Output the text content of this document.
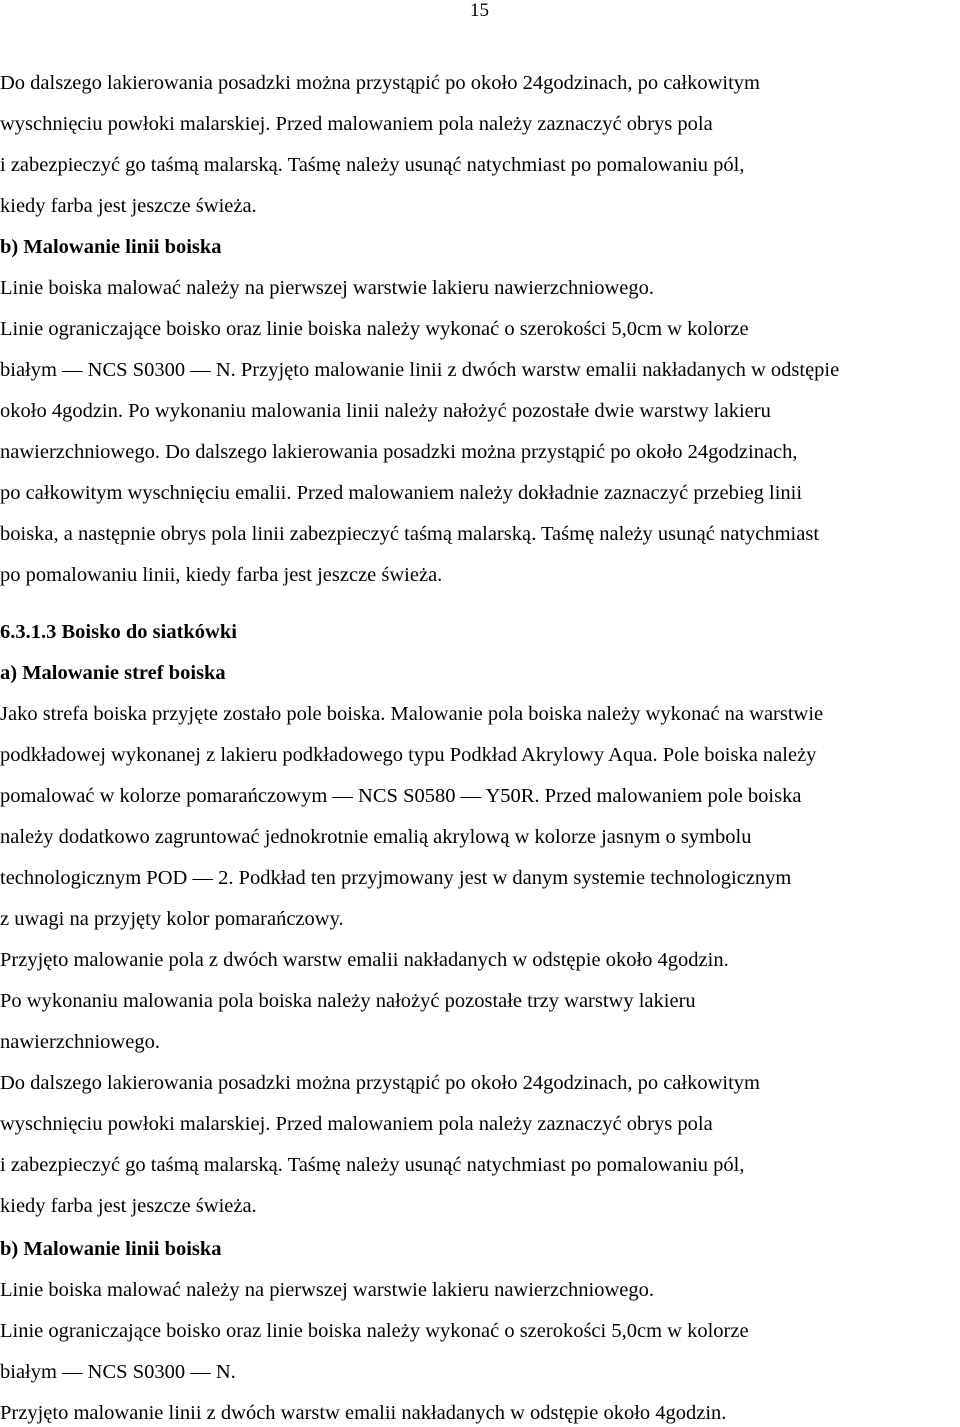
15
Do dalszego lakierowania posadzki można przystąpić po około 24godzinach, po całkowitym
wyschnięciu powłoki malarskiej. Przed malowaniem pola należy zaznaczyć obrys pola
i zabezpieczyć go taśmą malarską. Taśmę należy usunąć natychmiast po pomalowaniu pól,
kiedy farba jest jeszcze świeża.
b) Malowanie linii boiska
Linie boiska malować należy na pierwszej warstwie lakieru nawierzchniowego.
Linie ograniczające boisko oraz linie boiska należy wykonać o szerokości 5,0cm w kolorze
białym — NCS S0300 — N. Przyjęto malowanie linii z dwóch warstw emalii nakładanych w odstępie
około 4godzin. Po wykonaniu malowania linii należy nałożyć pozostałe dwie warstwy lakieru
nawierzchniowego. Do dalszego lakierowania posadzki można przystąpić po około 24godzinach,
po całkowitym wyschnięciu emalii. Przed malowaniem należy dokładnie zaznaczyć przebieg linii
boiska, a następnie obrys pola linii zabezpieczyć taśmą malarską. Taśmę należy usunąć natychmiast
po pomalowaniu linii, kiedy farba jest jeszcze świeża.
6.3.1.3 Boisko do siatkówki
a) Malowanie stref boiska
Jako strefa boiska przyjęte zostało pole boiska. Malowanie pola boiska należy wykonać na warstwie
podkładowej wykonanej z lakieru podkładowego typu Podkład Akrylowy Aqua. Pole boiska należy
pomalować w kolorze pomarańczowym — NCS S0580 — Y50R. Przed malowaniem pole boiska
należy dodatkowo zagruntować jednokrotnie emalią akrylową w kolorze jasnym o symbolu
technologicznym POD — 2. Podkład ten przyjmowany jest w danym systemie technologicznym
z uwagi na przyjęty kolor pomarańczowy.
Przyjęto malowanie pola z dwóch warstw emalii nakładanych w odstępie około 4godzin.
Po wykonaniu malowania pola boiska należy nałożyć pozostałe trzy warstwy lakieru
nawierzchniowego.
Do dalszego lakierowania posadzki można przystąpić po około 24godzinach, po całkowitym
wyschnięciu powłoki malarskiej. Przed malowaniem pola należy zaznaczyć obrys pola
i zabezpieczyć go taśmą malarską. Taśmę należy usunąć natychmiast po pomalowaniu pól,
kiedy farba jest jeszcze świeża.
b) Malowanie linii boiska
Linie boiska malować należy na pierwszej warstwie lakieru nawierzchniowego.
Linie ograniczające boisko oraz linie boiska należy wykonać o szerokości 5,0cm w kolorze
białym — NCS S0300 — N.
Przyjęto malowanie linii z dwóch warstw emalii nakładanych w odstępie około 4godzin.
